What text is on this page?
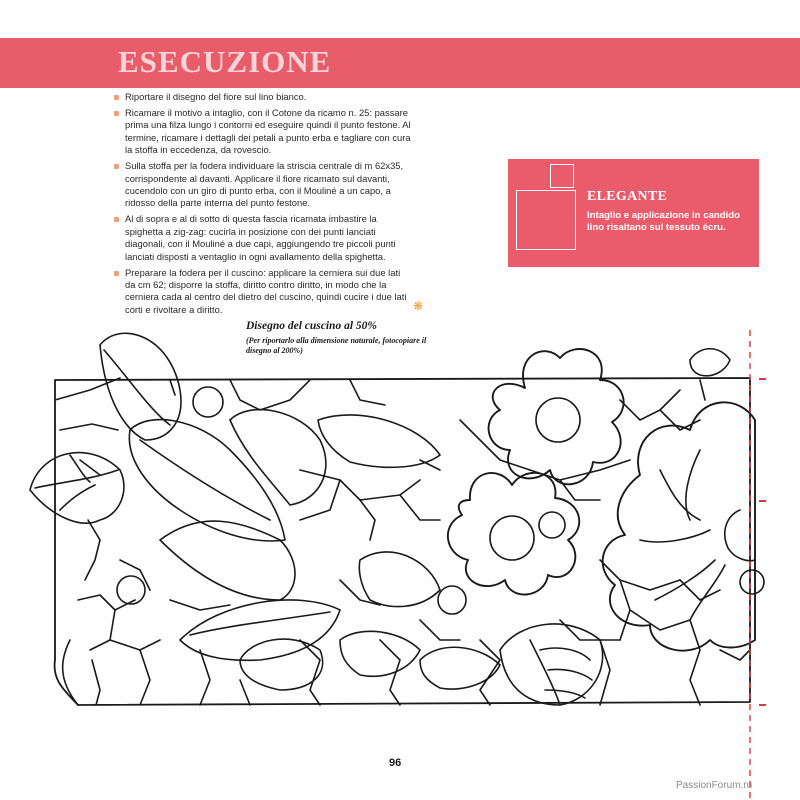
ESECUZIONE
Riportare il disegno del fiore sul lino bianco.
Ricamare il motivo a intaglio, con il Cotone da ricamo n. 25: passare prima una filza lungo i contorni ed eseguire quindi il punto festone. Al termine, ricamare i dettagli dei petali a punto erba e tagliare con cura la stoffa in eccedenza, da rovescio.
Sulla stoffa per la fodera individuare la striscia centrale di m 62x35, corrispondente al davanti. Applicare il fiore ricamato sul davanti, cucendolo con un giro di punto erba, con il Mouliné a un capo, a ridosso della parte interna del punto festone.
Al di sopra e al di sotto di questa fascia ricamata imbastire la spighetta a zig-zag: cucirla in posizione con dei punti lanciati diagonali, con il Mouliné a due capi, aggiungendo tre piccoli punti lanciati disposti a ventaglio in ogni avallamento della spighetta.
Preparare la fodera per il cuscino: applicare la cerniera sui due lati da cm 62; disporre la stoffa, diritto contro diritto, in modo che la cerniera cada al centro del dietro del cuscino, quindi cucire i due lati corti e rivoltare a diritto.	❋
ELEGANTE

Intaglio e applicazione in candido lino risaltano sul tessuto écru.

Disegno del cuscino al 50%

(Per riportarlo alla dimensione naturale, fotocopiare il disegno al 200%)

96

PassionForum.ru
